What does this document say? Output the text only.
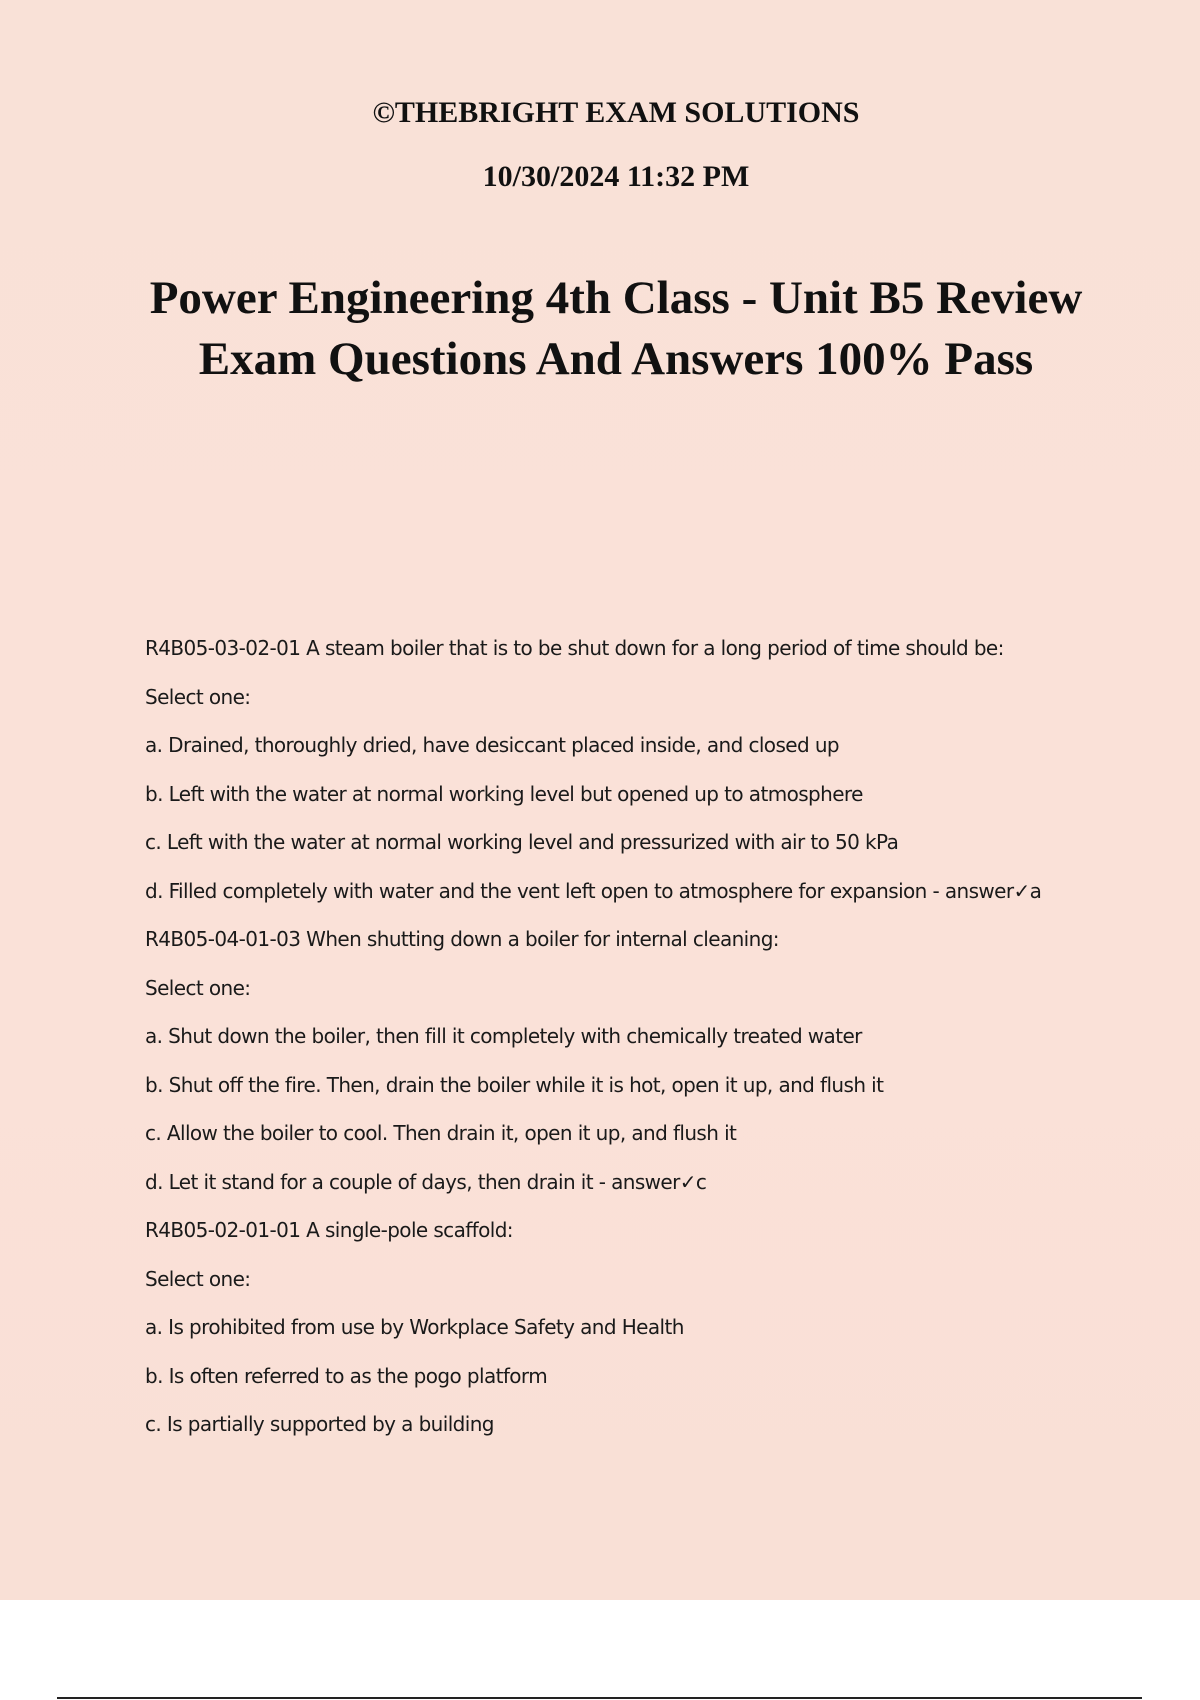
©THEBRIGHT EXAM SOLUTIONS
10/30/2024 11:32 PM
Power Engineering 4th Class - Unit B5 Review Exam Questions And Answers 100% Pass
R4B05-03-02-01 A steam boiler that is to be shut down for a long period of time should be:
Select one:
a. Drained, thoroughly dried, have desiccant placed inside, and closed up
b. Left with the water at normal working level but opened up to atmosphere
c. Left with the water at normal working level and pressurized with air to 50 kPa
d. Filled completely with water and the vent left open to atmosphere for expansion - answer✓a
R4B05-04-01-03 When shutting down a boiler for internal cleaning:
Select one:
a. Shut down the boiler, then fill it completely with chemically treated water
b. Shut off the fire. Then, drain the boiler while it is hot, open it up, and flush it
c. Allow the boiler to cool. Then drain it, open it up, and flush it
d. Let it stand for a couple of days, then drain it - answer✓c
R4B05-02-01-01 A single-pole scaffold:
Select one:
a. Is prohibited from use by Workplace Safety and Health
b. Is often referred to as the pogo platform
c. Is partially supported by a building
